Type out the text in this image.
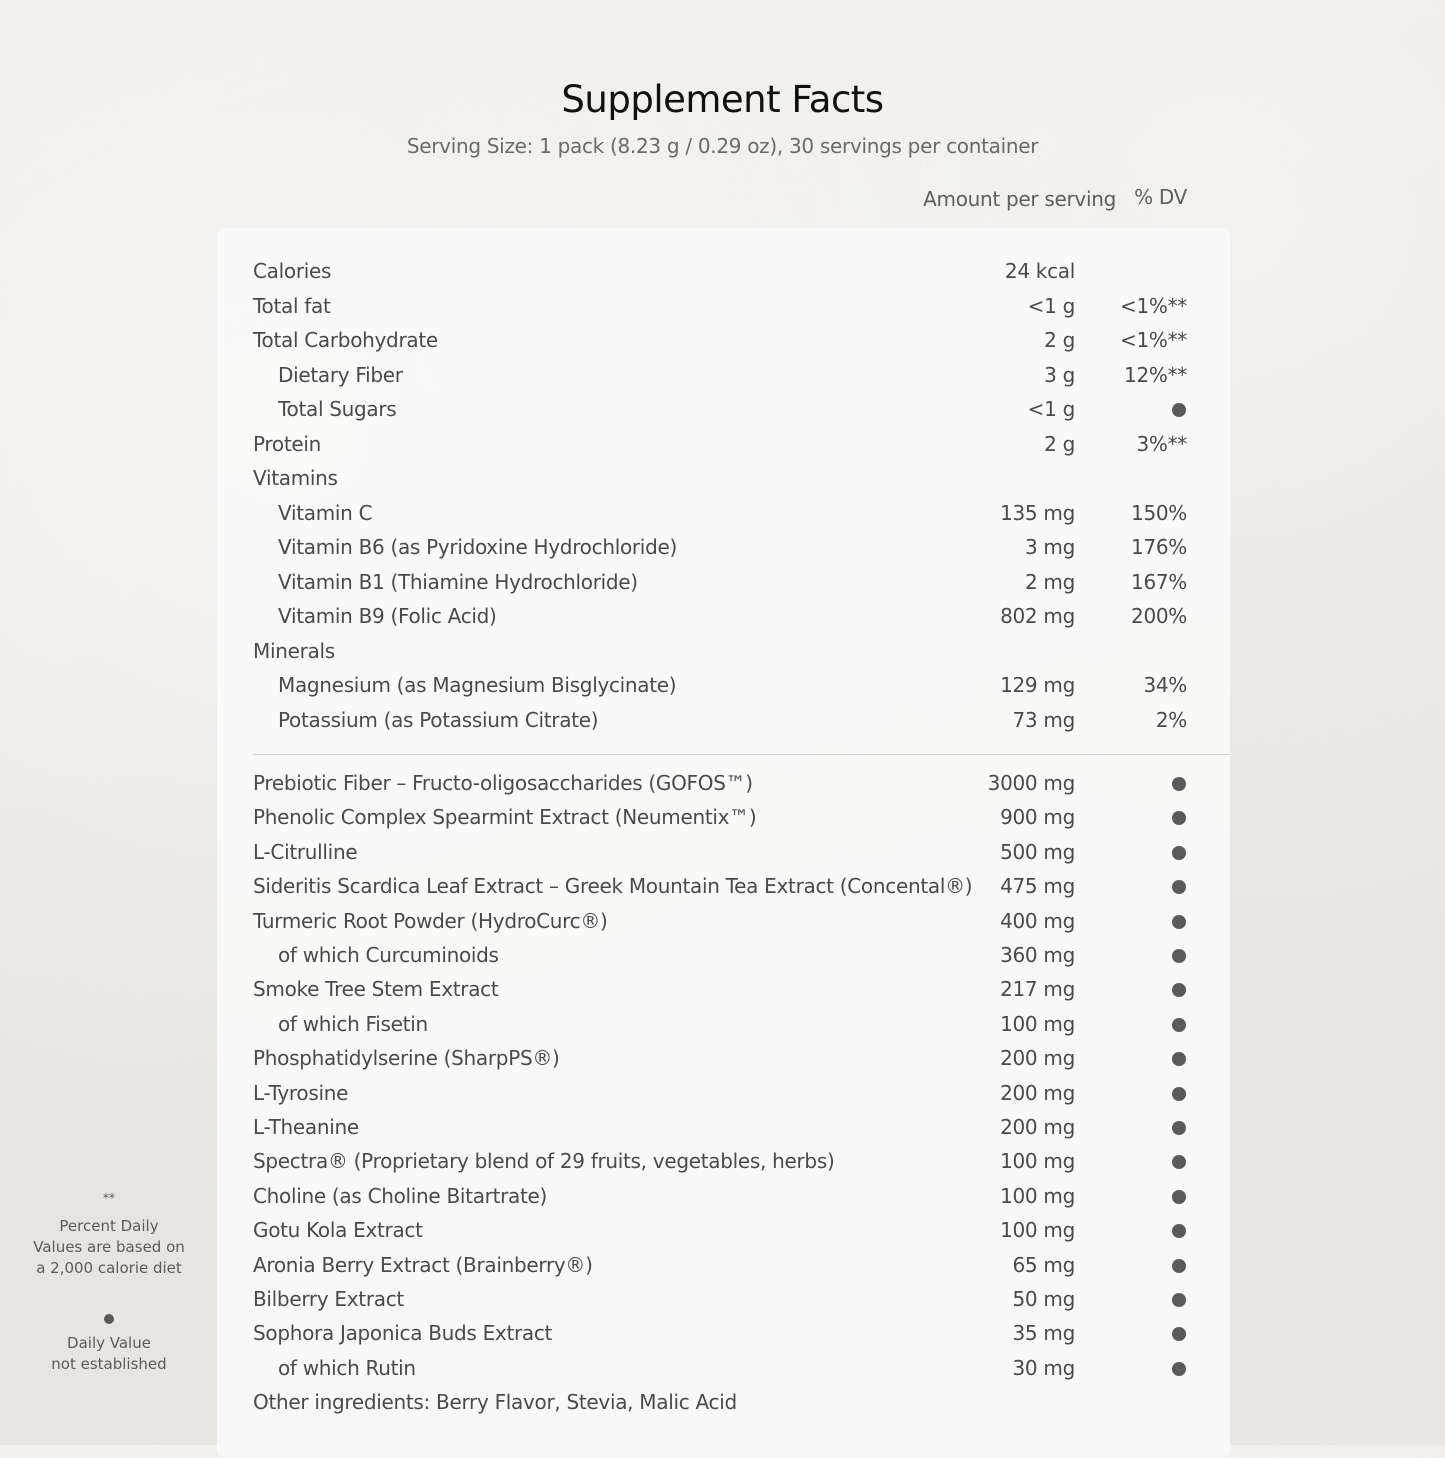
Supplement Facts
Serving Size: 1 pack (8.23 g / 0.29 oz), 30 servings per container
Amount per serving % DV
Calories	24 kcal
Total fat	<1 g <1%**
Total Carbohydrate	2 g <1%**
Dietary Fiber	3 g 12%**
Total Sugars	<1 g
Protein	2 g	3%**
Vitamins
Vitamin C	135 mg	150%
Vitamin B6 (as Pyridoxine Hydrochloride)	3 mg	176%
Vitamin B1 (Thiamine Hydrochloride)	2 mg	167%
Vitamin B9 (Folic Acid)	802 mg	200%
Minerals
Magnesium (as Magnesium Bisglycinate)	129 mg	34%
Potassium (as Potassium Citrate)	73 mg	2%
Prebiotic Fiber – Fructo-oligosaccharides (GOFOS™)	3000 mg
Phenolic Complex Spearmint Extract (Neumentix™)	900 mg
L-Citrulline	500 mg
Sideritis Scardica Leaf Extract – Greek Mountain Tea Extract (Concental®) 475 mg
Turmeric Root Powder (HydroCurc®)	400 mg
of which Curcuminoids	360 mg
Smoke Tree Stem Extract	217 mg
of which Fisetin	100 mg
Phosphatidylserine (SharpPS®)	200 mg
L-Tyrosine	200 mg
L-Theanine	200 mg
Spectra® (Proprietary blend of 29 fruits, vegetables, herbs)	100 mg
Choline (as Choline Bitartrate)	100 mg
Gotu Kola Extract	100 mg
Aronia Berry Extract (Brainberry®)	65 mg
Bilberry Extract	50 mg
Sophora Japonica Buds Extract	35 mg
of which Rutin	30 mg
Other ingredients: Berry Flavor, Stevia, Malic Acid
**
Percent Daily
Values are based on
a 2,000 calorie diet
Daily Value
not established
